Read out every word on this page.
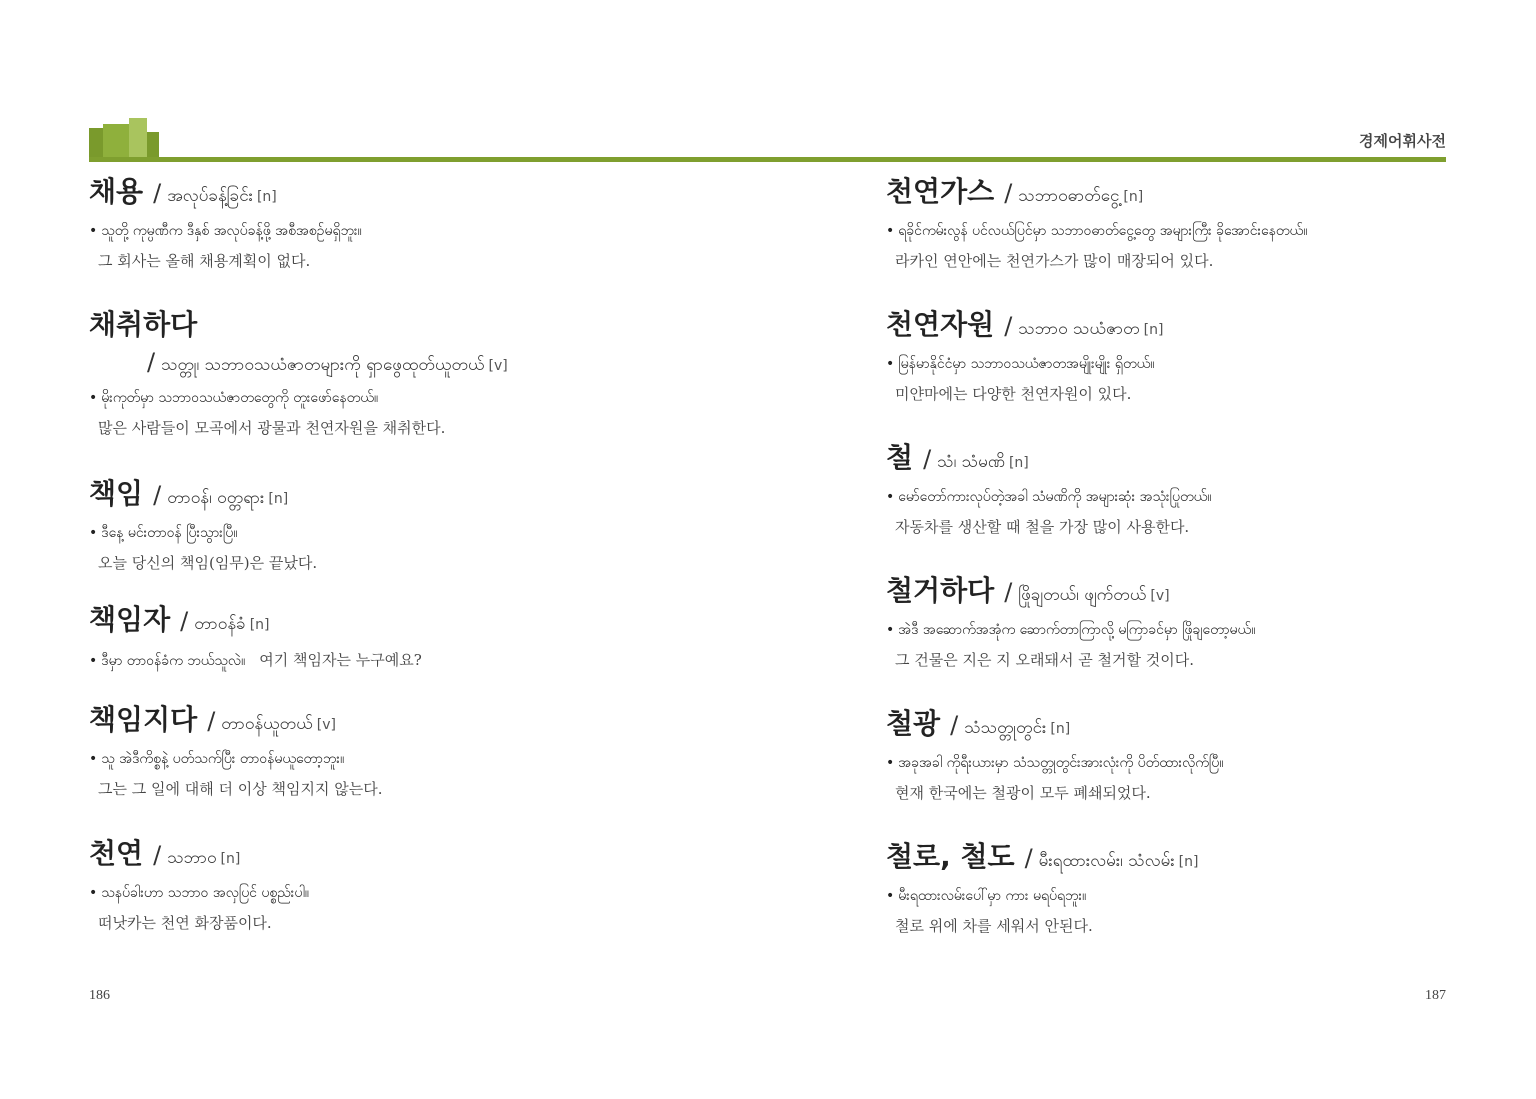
경제어휘사전
채용 / အလုပ်ခန့်ခြင်း [n]
• သူတို့ ကုမ္ပဏီက ဒီနှစ် အလုပ်ခန့်ဖို့ အစီအစဉ်မရှိဘူး။
그 회사는 올해 채용계획이 없다.
채취하다
/ သတ္တု၊ သဘာဝသယံဇာတများကို ရှာဖွေထုတ်ယူတယ် [v]
• မိုးကုတ်မှာ သဘာဝသယံဇာတတွေကို တူးဖော်နေတယ်။
많은 사람들이 모곡에서 광물과 천연자원을 채취한다.
책임 / တာဝန်၊ ဝတ္တရား [n]
• ဒီနေ့ မင်းတာဝန် ပြီးသွားပြီ။
오늘 당신의 책임(임무)은 끝났다.
책임자 / တာဝန်ခံ [n]
• ဒီမှာ တာဝန်ခံက ဘယ်သူလဲ။ 여기 책임자는 누구예요?
책임지다 / တာဝန်ယူတယ် [v]
• သူ အဲဒီကိစ္စနဲ့ ပတ်သက်ပြီး တာဝန်မယူတော့ဘူး။
그는 그 일에 대해 더 이상 책임지지 않는다.
천연 / သဘာဝ [n]
• သနပ်ခါးဟာ သဘာဝ အလှပြင် ပစ္စည်းပါ။
떠낫카는 천연 화장품이다.
천연가스 / သဘာဝဓာတ်ငွေ့ [n]
• ရခိုင်ကမ်းလွန် ပင်လယ်ပြင်မှာ သဘာဝဓာတ်ငွေ့တွေ အများကြီး ခိုအောင်းနေတယ်။
라카인 연안에는 천연가스가 많이 매장되어 있다.
천연자원 / သဘာဝ သယံဇာတ [n]
• မြန်မာနိုင်ငံမှာ သဘာဝသယံဇာတအမျိုးမျိုး ရှိတယ်။
미얀마에는 다양한 천연자원이 있다.
철 / သံ၊ သံမဏိ [n]
• မော်တော်ကားလုပ်တဲ့အခါ သံမဏိကို အများဆုံး အသုံးပြုတယ်။
자동차를 생산할 때 철을 가장 많이 사용한다.
철거하다 / ဖြိုချတယ်၊ ဖျက်တယ် [v]
• အဲဒီ အဆောက်အအုံက ဆောက်တာကြာလို့ မကြာခင်မှာ ဖြိုချတော့မယ်။
그 건물은 지은 지 오래돼서 곧 철거할 것이다.
철광 / သံသတ္တုတွင်း [n]
• အခုအခါ ကိုရီးယားမှာ သံသတ္တုတွင်းအားလုံးကို ပိတ်ထားလိုက်ပြီ။
현재 한국에는 철광이 모두 폐쇄되었다.
철로, 철도 / မီးရထားလမ်း၊ သံလမ်း [n]
• မီးရထားလမ်းပေါ်မှာ ကား မရပ်ရဘူး။
철로 위에 차를 세워서 안된다.
186	187
